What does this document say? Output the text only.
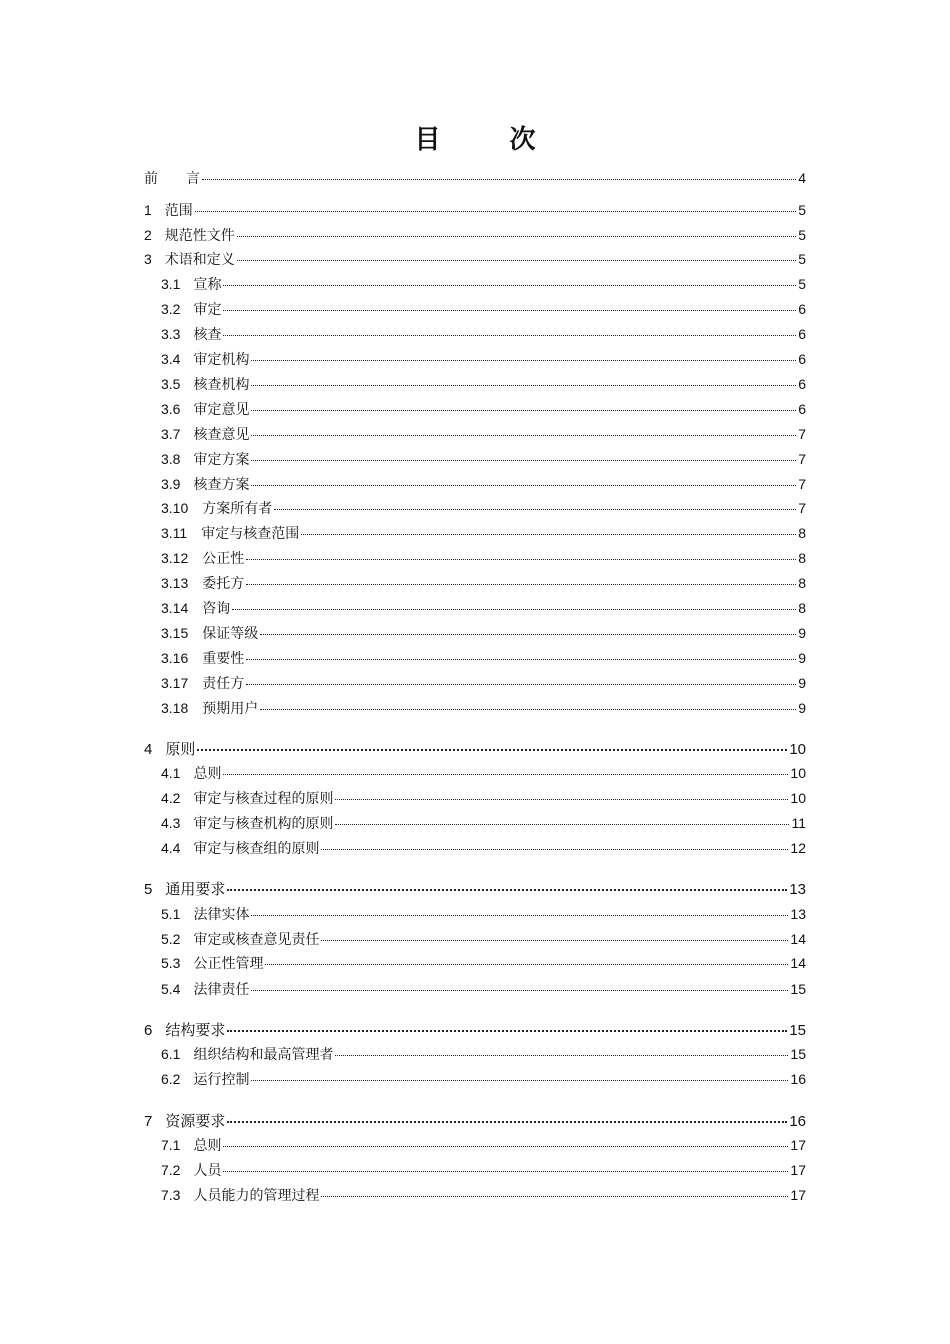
目 次
前　　言	4
1 范围	5
2 规范性文件	5
3 术语和定义	5
3.1 宣称	5
3.2 审定	6
3.3 核查	6
3.4 审定机构	6
3.5 核查机构	6
3.6 审定意见	6
3.7 核查意见	7
3.8 审定方案	7
3.9 核查方案	7
3.10 方案所有者	7
3.11 审定与核查范围	8
3.12 公正性	8
3.13 委托方	8
3.14 咨询	8
3.15 保证等级	9
3.16 重要性	9
3.17 责任方	9
3.18 预期用户	9
4 原则	10
4.1 总则	10
4.2 审定与核查过程的原则	10
4.3 审定与核查机构的原则	11
4.4 审定与核查组的原则	12
5 通用要求	13
5.1 法律实体	13
5.2 审定或核查意见责任	14
5.3 公正性管理	14
5.4 法律责任	15
6 结构要求	15
6.1 组织结构和最高管理者	15
6.2 运行控制	16
7 资源要求	16
7.1 总则	17
7.2 人员	17
7.3 人员能力的管理过程	17
